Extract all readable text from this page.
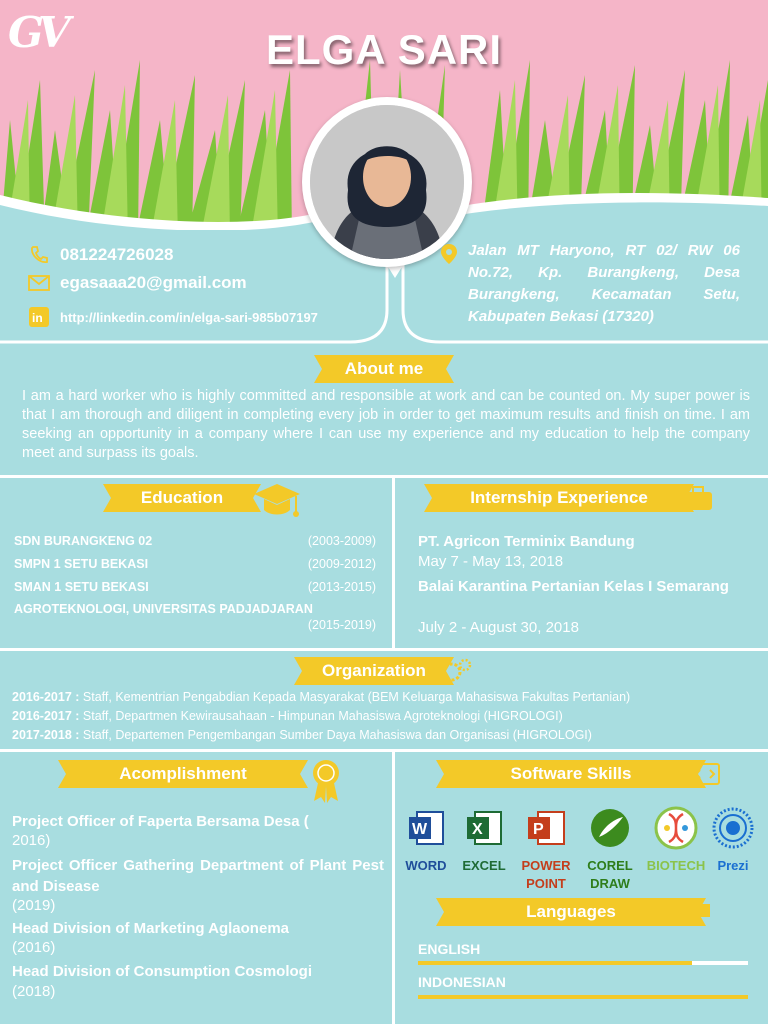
GV	ELGA SARI
081224726028
egasaaa20@gmail.com
in http://linkedin.com/in/elga-sari-985b07197
Jalan MT Haryono, RT 02/ RW 06 No.72, Kp. Burangkeng, Desa Burangkeng, Kecamatan Setu, Kabupaten Bekasi (17320)
About me
I am a hard worker who is highly committed and responsible at work and can be counted on. My super power is that I am thorough and diligent in completing every job in order to get maximum results and finish on time. I am seeking an opportunity in a company where I can use my experience and my education to help the company meet and surpass its goals.
Education
SDN BURANGKENG 02	(2003-2009)
SMPN 1 SETU BEKASI	(2009-2012)
SMAN 1 SETU BEKASI	(2013-2015)
AGROTEKNOLOGI, UNIVERSITAS PADJADJARAN
(2015-2019)
Internship Experience
PT. Agricon Terminix Bandung
May 7 - May 13, 2018
Balai Karantina Pertanian Kelas I Semarang
July 2 - August 30, 2018
Organization
2016-2017 : Staff, Kementrian Pengabdian Kepada Masyarakat (BEM Keluarga Mahasiswa Fakultas Pertanian)
2016-2017 : Staff, Departmen Kewirausahaan - Himpunan Mahasiswa Agroteknologi (HIGROLOGI)
2017-2018 : Staff, Departemen Pengembangan Sumber Daya Mahasiswa dan Organisasi (HIGROLOGI)
Acomplishment
Project Officer of Faperta Bersama Desa (
2016)
Project Officer Gathering Department of Plant Pest and Disease
(2019)
Head Division of Marketing Aglaonema
(2016)
Head Division of Consumption Cosmologi
(2018)
Software Skills
W
WORD
X
EXCEL
P
POWER POINT
COREL DRAW
BIOTECH Prezi
Languages
ENGLISH
INDONESIAN
